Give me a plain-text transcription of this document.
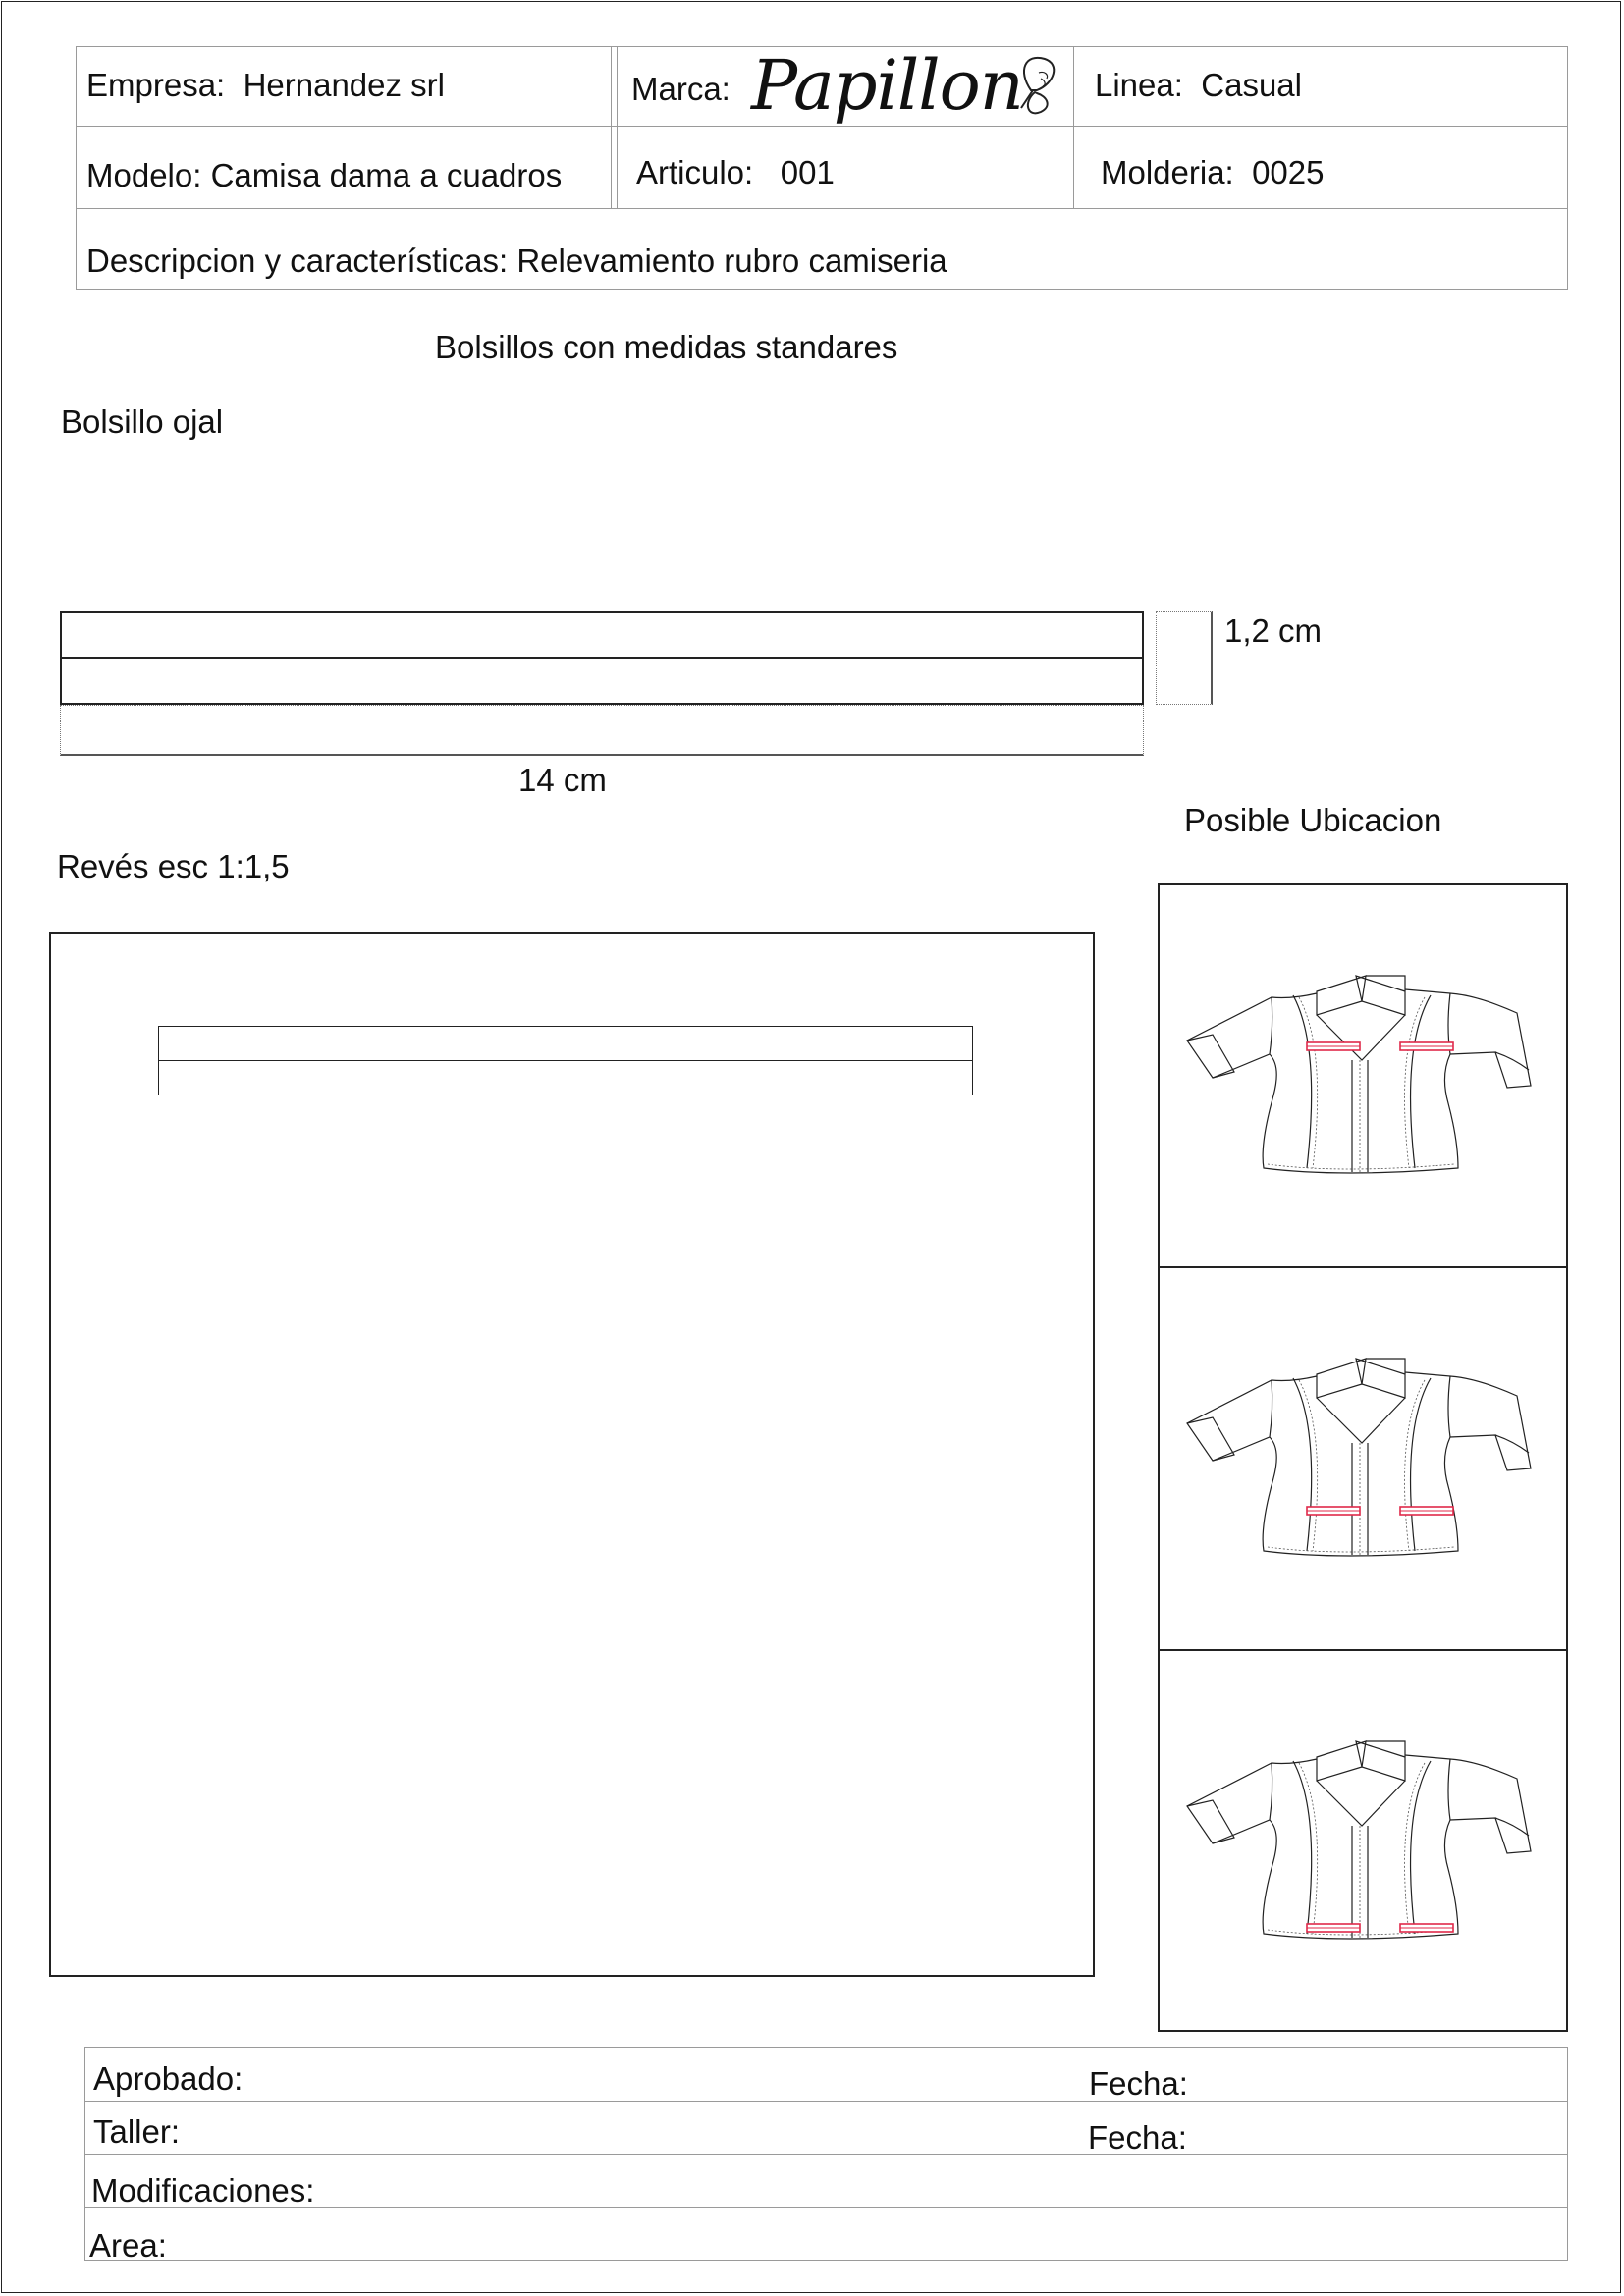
Empresa: Hernandez srl	Marca: Papillon Linea: Casual
Modelo: Camisa dama a cuadros Articulo: 001	Molderia: 0025
Descripcion y características: Relevamiento rubro camiseria
Bolsillos con medidas standares
Bolsillo ojal
1,2 cm
14 cm
Revés esc 1:1,5
Posible Ubicacion
Aprobado:	Fecha:
Taller:	Fecha:
Modificaciones:
Area:
